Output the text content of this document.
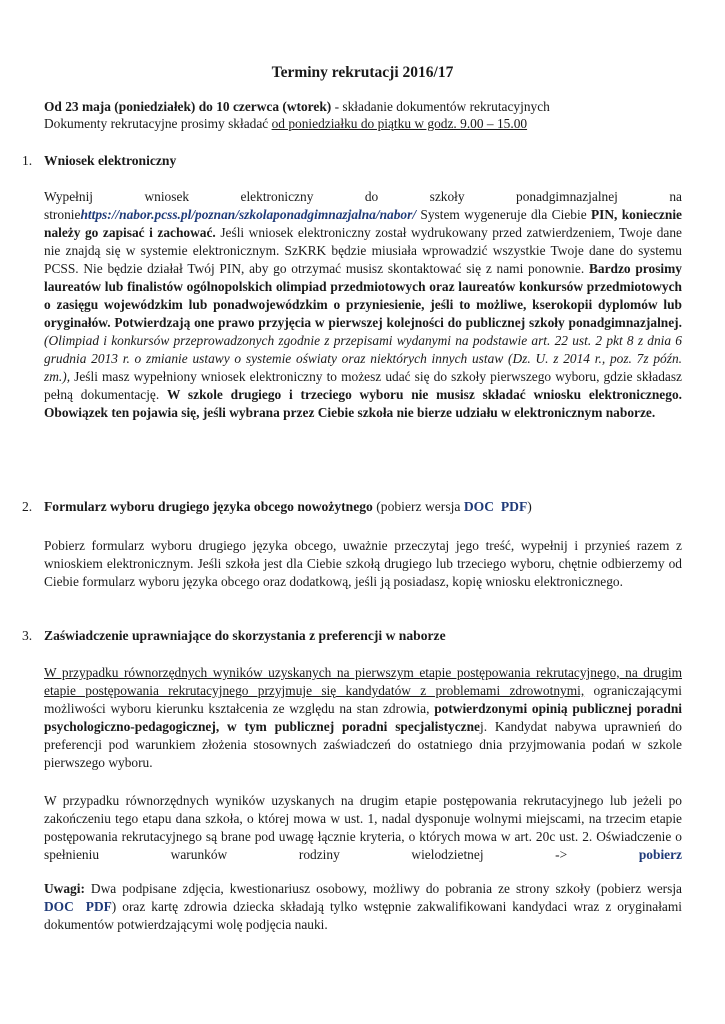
Terminy rekrutacji 2016/17
Od 23 maja (poniedziałek) do 10 czerwca (wtorek) - składanie dokumentów rekrutacyjnych
Dokumenty rekrutacyjne prosimy składać od poniedziałku do piątku w godz. 9.00 – 15.00
1. Wniosek elektroniczny
Wypełnij	wniosek	elektroniczny	do	szkoły	ponadgimnazjalnej	na
stroniehttps://nabor.pcss.pl/poznan/szkolaponadgimnazjalna/nabor/ System wygeneruje dla Ciebie PIN, koniecznie należy go zapisać i zachować. Jeśli wniosek elektroniczny został wydrukowany przed zatwierdzeniem, Twoje dane nie znajdą się w systemie elektronicznym. SzKRK będzie miusiała wprowadzić wszystkie Twoje dane do systemu PCSS. Nie będzie działał Twój PIN, aby go otrzymać musisz skontaktować się z nami ponownie. Bardzo prosimy laureatów lub finalistów ogólnopolskich olimpiad przedmiotowych oraz laureatów konkursów przedmiotowych o zasięgu wojewódzkim lub ponadwojewódzkim o przyniesienie, jeśli to możliwe, kserokopii dyplomów lub oryginałów. Potwierdzają one prawo przyjęcia w pierwszej kolejności do publicznej szkoły ponadgimnazjalnej. (Olimpiad i konkursów przeprowadzonych zgodnie z przepisami wydanymi na podstawie art. 22 ust. 2 pkt 8 z dnia 6 grudnia 2013 r. o zmianie ustawy o systemie oświaty oraz niektórych innych ustaw (Dz. U. z 2014 r., poz. 7z późn. zm.), Jeśli masz wypełniony wniosek elektroniczny to możesz udać się do szkoły pierwszego wyboru, gdzie składasz pełną dokumentację. W szkole drugiego i trzeciego wyboru nie musisz składać wniosku elektronicznego. Obowiązek ten pojawia się, jeśli wybrana przez Ciebie szkoła nie bierze udziału w elektronicznym naborze.
2. Formularz wyboru drugiego języka obcego nowożytnego (pobierz wersja DOC PDF)
Pobierz formularz wyboru drugiego języka obcego, uważnie przeczytaj jego treść, wypełnij i przynieś razem z wnioskiem elektronicznym. Jeśli szkoła jest dla Ciebie szkołą drugiego lub trzeciego wyboru, chętnie odbierzemy od Ciebie formularz wyboru języka obcego oraz dodatkową, jeśli ją posiadasz, kopię wniosku elektronicznego.
3. Zaświadczenie uprawniające do skorzystania z preferencji w naborze
W przypadku równorzędnych wyników uzyskanych na pierwszym etapie postępowania rekrutacyjnego, na drugim etapie postępowania rekrutacyjnego przyjmuje się kandydatów z problemami zdrowotnymi, ograniczającymi możliwości wyboru kierunku kształcenia ze względu na stan zdrowia, potwierdzonymi opinią publicznej poradni psychologiczno-pedagogicznej, w tym publicznej poradni specjalistycznej. Kandydat nabywa uprawnień do preferencji pod warunkiem złożenia stosownych zaświadczeń do ostatniego dnia przyjmowania podań w szkole pierwszego wyboru.
W przypadku równorzędnych wyników uzyskanych na drugim etapie postępowania rekrutacyjnego lub jeżeli po zakończeniu tego etapu dana szkoła, o której mowa w ust. 1, nadal dysponuje wolnymi miejscami, na trzecim etapie postępowania rekrutacyjnego są brane pod uwagę łącznie kryteria, o których mowa w art. 20c ust. 2. Oświadczenie o spełnieniu warunków rodziny wielodzietnej ->	pobierz
Uwagi: Dwa podpisane zdjęcia, kwestionariusz osobowy, możliwy do pobrania ze strony szkoły (pobierz wersja DOC PDF) oraz kartę zdrowia dziecka składają tylko wstępnie zakwalifikowani kandydaci wraz z oryginałami dokumentów potwierdzającymi wolę podjęcia nauki.
